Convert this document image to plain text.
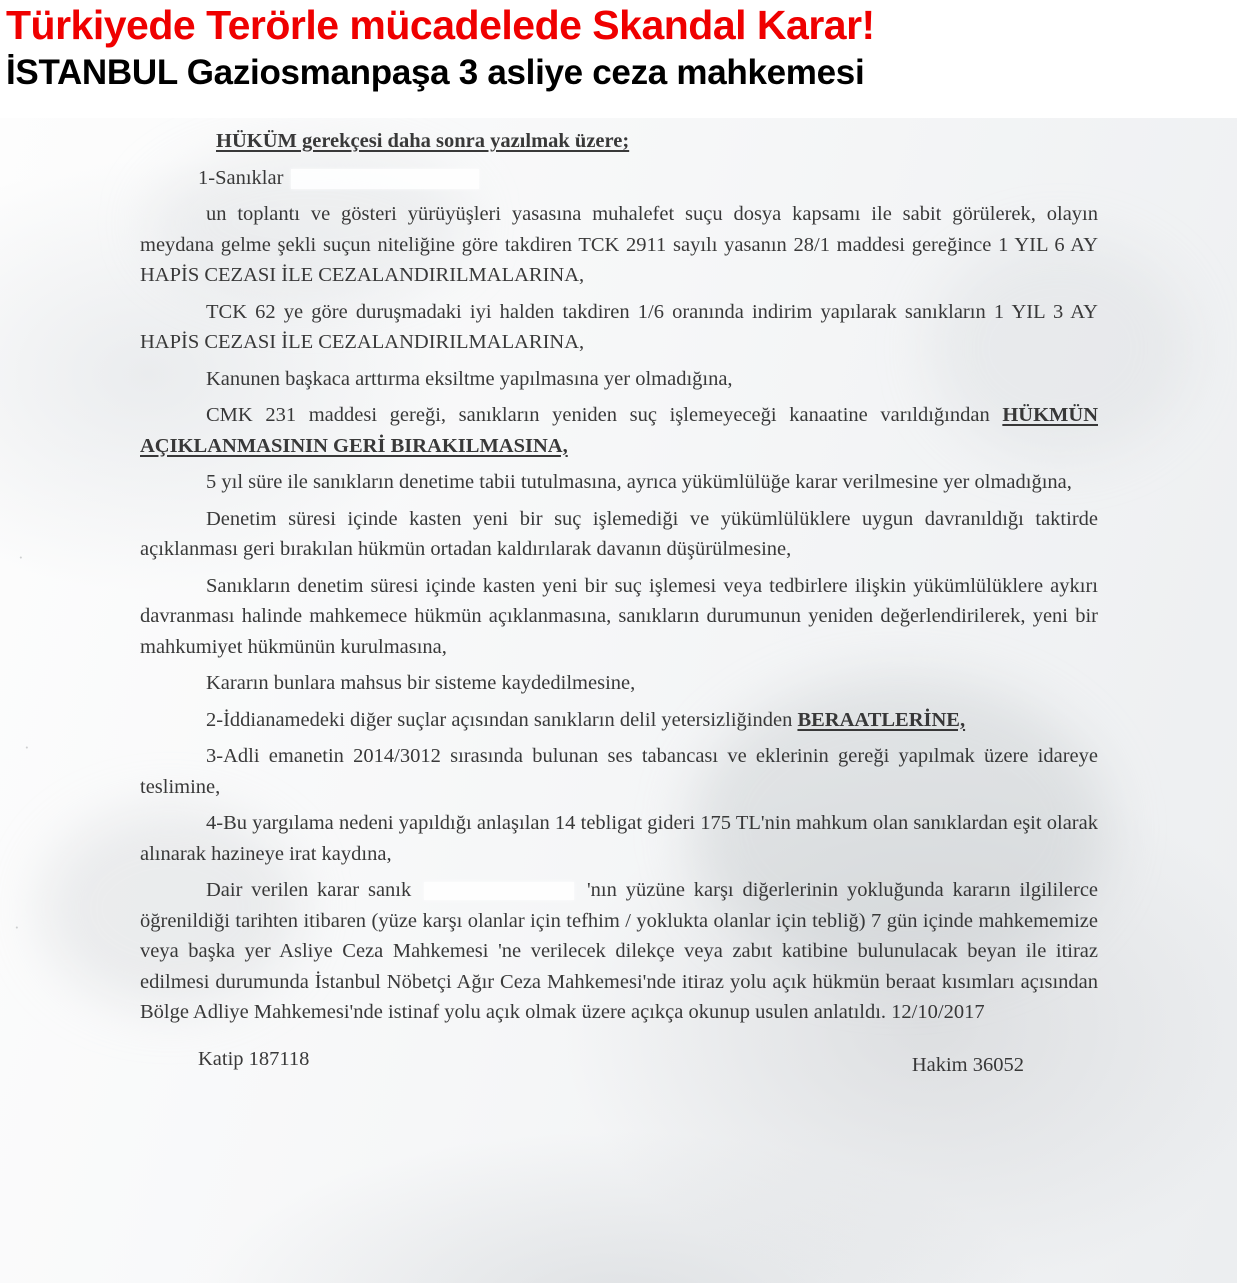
Türkiyede Terörle mücadelede Skandal Karar!
İSTANBUL Gaziosmanpaşa 3 asliye ceza mahkemesi
·
·
·

HÜKÜM gerekçesi daha sonra yazılmak üzere;

1-Sanıklar

un toplantı ve gösteri yürüyüşleri yasasına muhalefet suçu dosya kapsamı ile sabit görülerek, olayın meydana gelme şekli suçun niteliğine göre takdiren TCK 2911 sayılı yasanın 28/1 maddesi gereğince 1 YIL 6 AY HAPİS CEZASI İLE CEZALANDIRILMALARINA,

TCK 62 ye göre duruşmadaki iyi halden takdiren 1/6 oranında indirim yapılarak sanıkların 1 YIL 3 AY HAPİS CEZASI İLE CEZALANDIRILMALARINA,

Kanunen başkaca arttırma eksiltme yapılmasına yer olmadığına,

CMK 231 maddesi gereği, sanıkların yeniden suç işlemeyeceği kanaatine varıldığından HÜKMÜN AÇIKLANMASININ GERİ BIRAKILMASINA,

5 yıl süre ile sanıkların denetime tabii tutulmasına, ayrıca yükümlülüğe karar verilmesine yer olmadığına,

Denetim süresi içinde kasten yeni bir suç işlemediği ve yükümlülüklere uygun davranıldığı taktirde açıklanması geri bırakılan hükmün ortadan kaldırılarak davanın düşürülmesine,

Sanıkların denetim süresi içinde kasten yeni bir suç işlemesi veya tedbirlere ilişkin yükümlülüklere aykırı davranması halinde mahkemece hükmün açıklanmasına, sanıkların durumunun yeniden değerlendirilerek, yeni bir mahkumiyet hükmünün kurulmasına,

Kararın bunlara mahsus bir sisteme kaydedilmesine,

2-İddianamedeki diğer suçlar açısından sanıkların delil yetersizliğinden BERAATLERİNE,

3-Adli emanetin 2014/3012 sırasında bulunan ses tabancası ve eklerinin gereği yapılmak üzere idareye teslimine,

4-Bu yargılama nedeni yapıldığı anlaşılan 14 tebligat gideri 175 TL'nin mahkum olan sanıklardan eşit olarak alınarak hazineye irat kaydına,

Dair verilen karar sanık	'nın yüzüne karşı diğerlerinin yokluğunda kararın ilgililerce öğrenildiği tarihten itibaren (yüze karşı olanlar için tefhim / yoklukta olanlar için tebliğ) 7 gün içinde mahkememize veya başka yer Asliye Ceza Mahkemesi 'ne verilecek dilekçe veya zabıt katibine bulunulacak beyan ile itiraz edilmesi durumunda İstanbul Nöbetçi Ağır Ceza Mahkemesi'nde itiraz yolu açık hükmün beraat kısımları açısından Bölge Adliye Mahkemesi'nde istinaf yolu açık olmak üzere açıkça okunup usulen anlatıldı. 12/10/2017

Katip 187118	Hakim 36052
